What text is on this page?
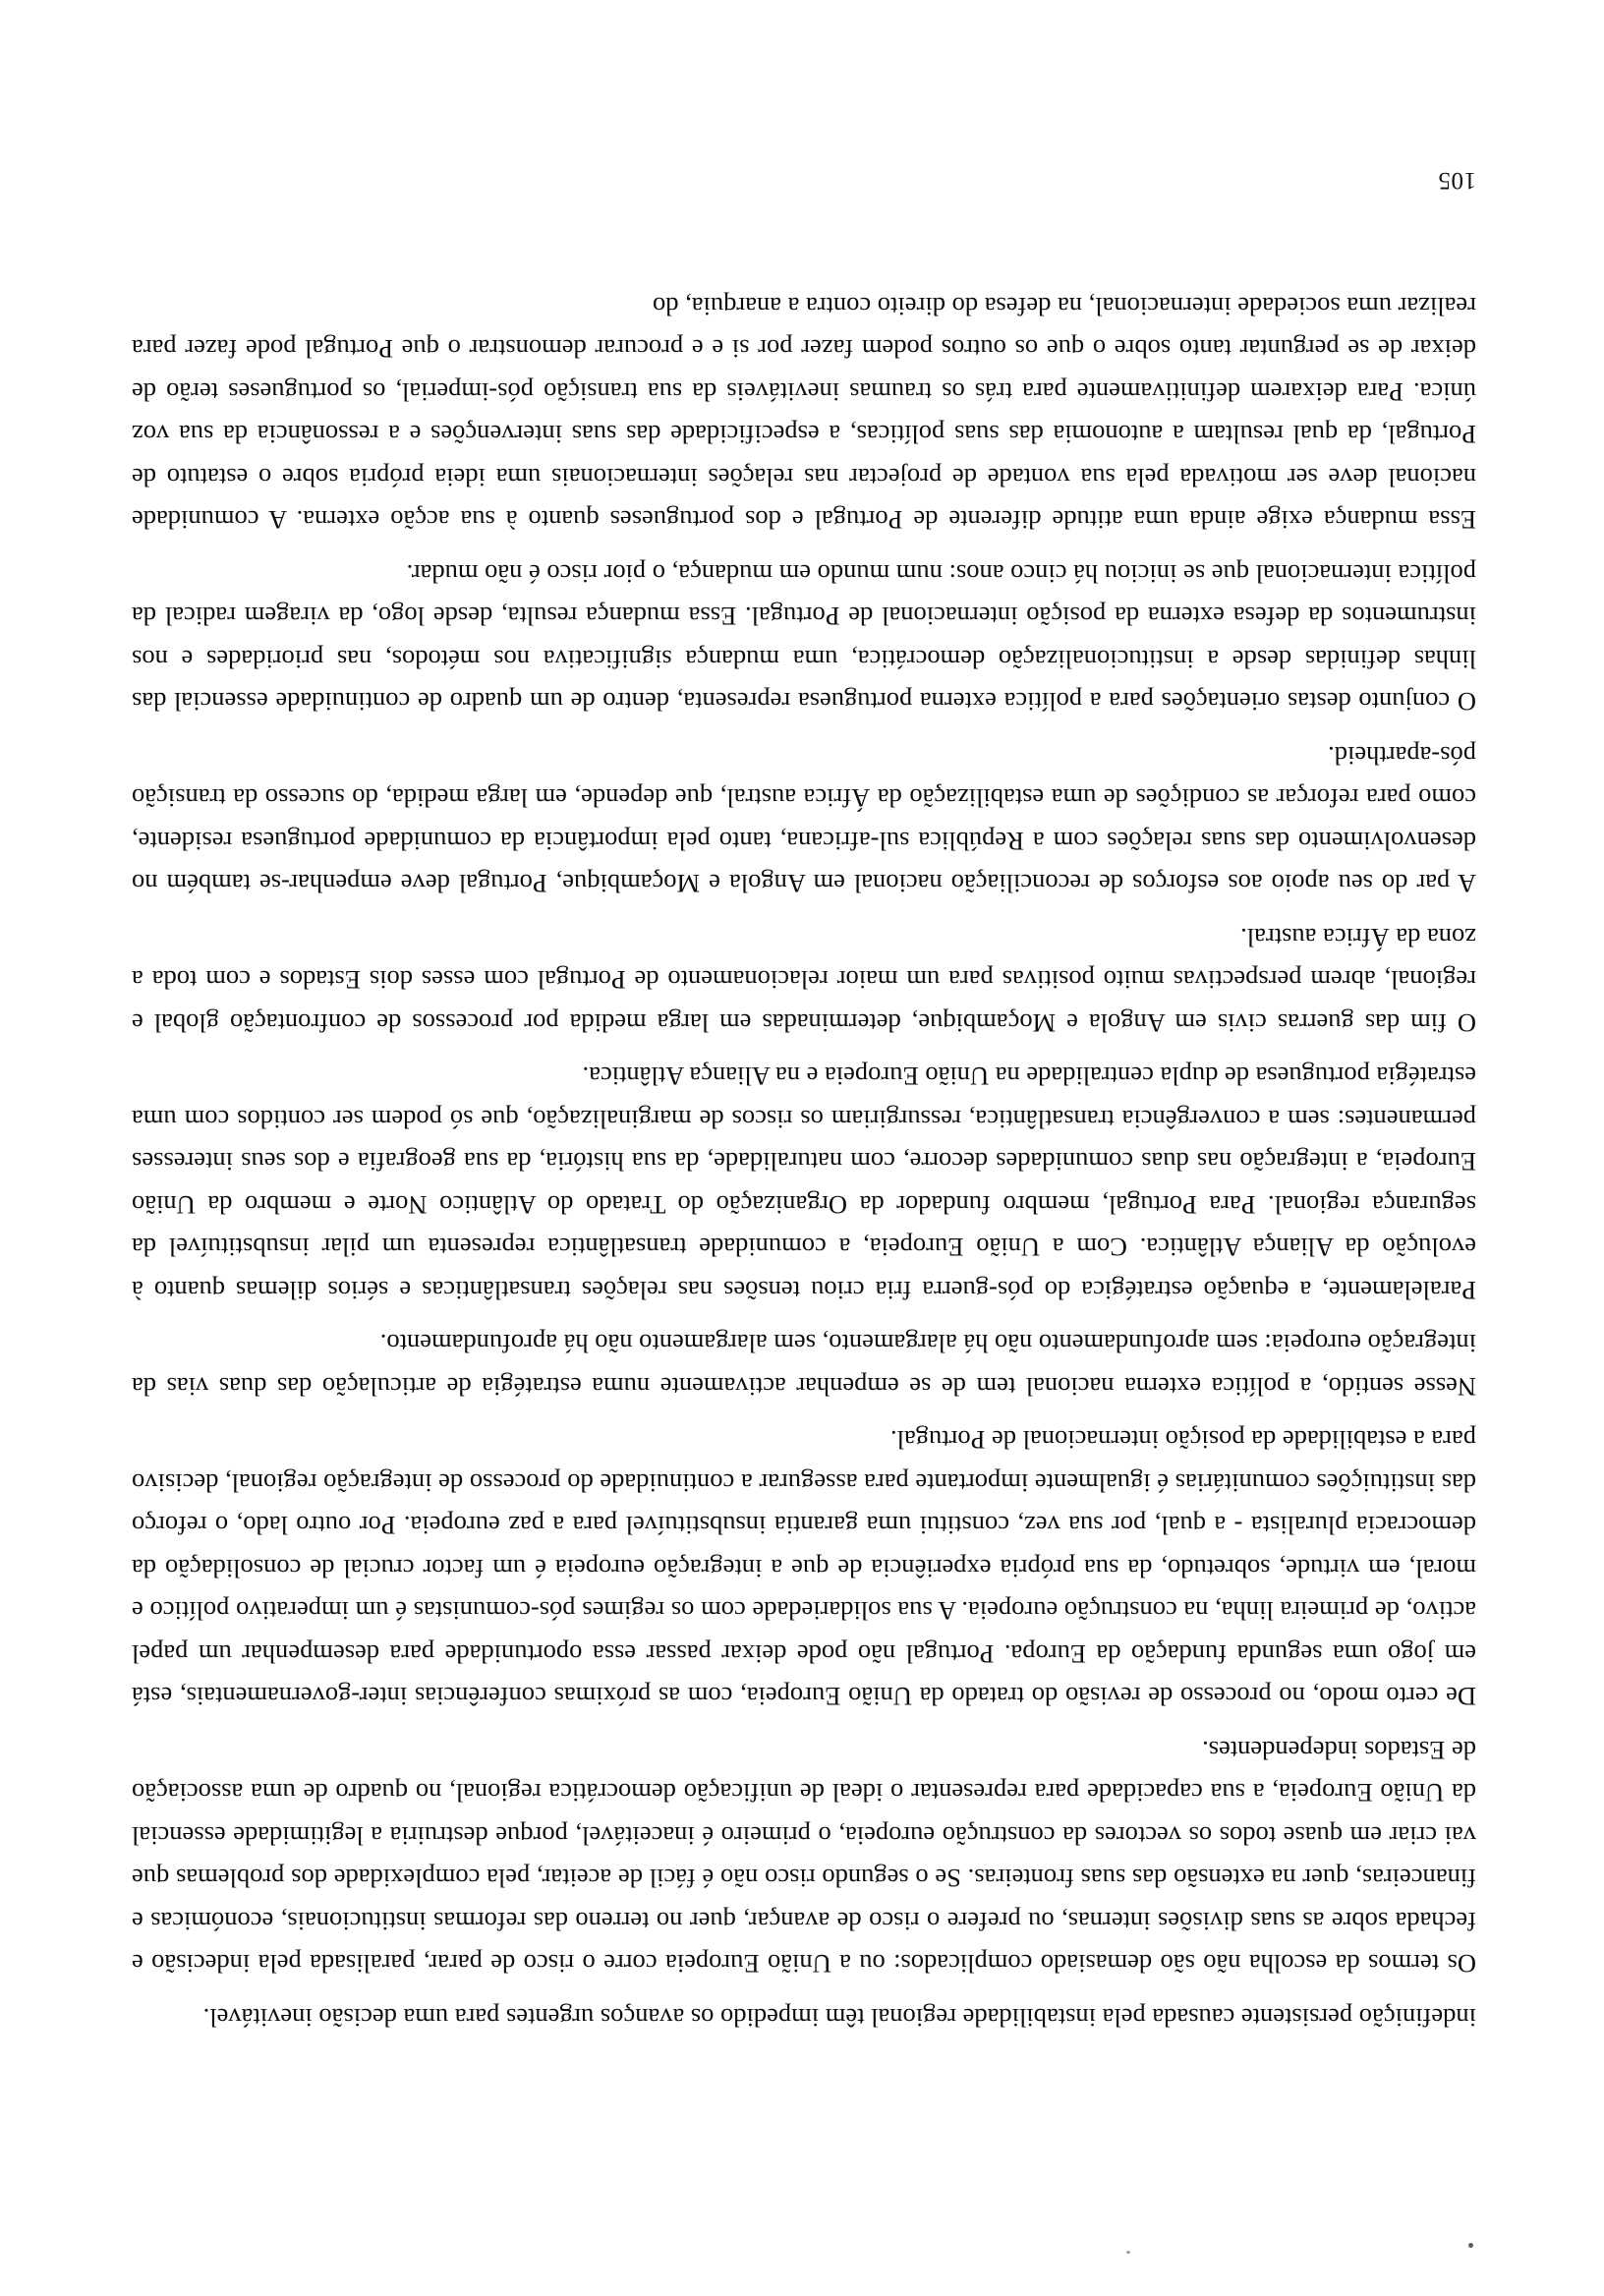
105

indefinição persistente causada pela instabilidade regional têm impedido os avanços urgentes para uma decisão inevitável.

Os termos da escolha não são demasiado complicados: ou a União Europeia corre o risco de parar, paralisada pela indecisão e fechada sobre as suas divisões internas, ou prefere o risco de avançar, quer no terreno das reformas institucionais, económicas e financeiras, quer na extensão das suas fronteiras. Se o segundo risco não é fácil de aceitar, pela complexidade dos problemas que vai criar em quase todos os vectores da construção europeia, o primeiro é inaceitável, porque destruiria a legitimidade essencial da União Europeia, a sua capacidade para representar o ideal de unificação democrática regional, no quadro de uma associação de Estados independentes.

De certo modo, no processo de revisão do tratado da União Europeia, com as próximas conferências inter-governamentais, está em jogo uma segunda fundação da Europa. Portugal não pode deixar passar essa oportunidade para desempenhar um papel activo, de primeira linha, na construção europeia. A sua solidariedade com os regimes pós-comunistas é um imperativo político e moral, em virtude, sobretudo, da sua própria experiência de que a integração europeia é um factor crucial de consolidação da democracia pluralista - a qual, por sua vez, constitui uma garantia insubstituível para a paz europeia. Por outro lado, o reforço das instituições comunitárias é igualmente importante para assegurar a continuidade do processo de integração regional, decisivo para a estabilidade da posição internacional de Portugal.

Nesse sentido, a política externa nacional tem de se empenhar activamente numa estratégia de articulação das duas vias da integração europeia: sem aprofundamento não há alargamento, sem alargamento não há aprofundamento.

Paralelamente, a equação estratégica do pós-guerra fria criou tensões nas relações transatlânticas e sérios dilemas quanto à evolução da Aliança Atlântica. Com a União Europeia, a comunidade transatlântica representa um pilar insubstituível da segurança regional. Para Portugal, membro fundador da Organização do Tratado do Atlântico Norte e membro da União Europeia, a integração nas duas comunidades decorre, com naturalidade, da sua história, da sua geografia e dos seus interesses permanentes: sem a convergência transatlântica, ressurgiriam os riscos de marginalização, que só podem ser contidos com uma estratégia portuguesa de dupla centralidade na União Europeia e na Aliança Atlântica.

O fim das guerras civis em Angola e Moçambique, determinadas em larga medida por processos de confrontação global e regional, abrem perspectivas muito positivas para um maior relacionamento de Portugal com esses dois Estados e com toda a zona da África austral.

A par do seu apoio aos esforços de reconciliação nacional em Angola e Moçambique, Portugal deve empenhar-se também no desenvolvimento das suas relações com a República sul-africana, tanto pela importância da comunidade portuguesa residente, como para reforçar as condições de uma estabilização da África austral, que depende, em larga medida, do sucesso da transição pós-apartheid.

O conjunto destas orientações para a política externa portuguesa representa, dentro de um quadro de continuidade essencial das linhas definidas desde a institucionalização democrática, uma mudança significativa nos métodos, nas prioridades e nos instrumentos da defesa externa da posição internacional de Portugal. Essa mudança resulta, desde logo, da viragem radical da política internacional que se iniciou há cinco anos: num mundo em mudança, o pior risco é não mudar.

Essa mudança exige ainda uma atitude diferente de Portugal e dos portugueses quanto à sua acção externa. A comunidade nacional deve ser motivada pela sua vontade de projectar nas relações internacionais uma ideia própria sobre o estatuto de Portugal, da qual resultam a autonomia das suas políticas, a especificidade das suas intervenções e a ressonância da sua voz única. Para deixarem definitivamente para trás os traumas inevitáveis da sua transição pós-imperial, os portugueses terão de deixar de se perguntar tanto sobre o que os outros podem fazer por si e e procurar demonstrar o que Portugal pode fazer para realizar uma sociedade internacional, na defesa do direito contra a anarquia, do
